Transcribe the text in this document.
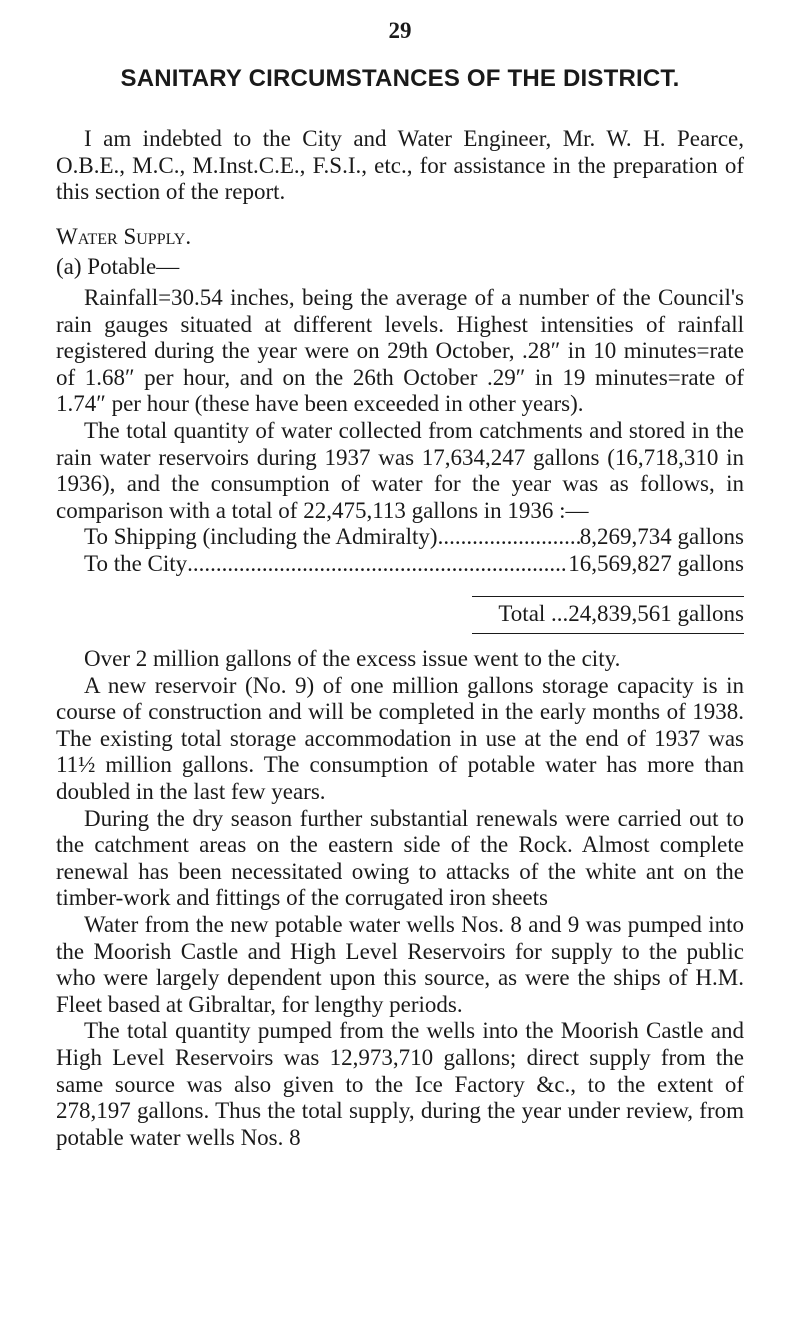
29
SANITARY CIRCUMSTANCES OF THE DISTRICT.

I am indebted to the City and Water Engineer, Mr. W. H. Pearce, O.B.E., M.C., M.Inst.C.E., F.S.I., etc., for assistance in the preparation of this section of the report.

Water Supply.
(a) Potable—

Rainfall=30.54 inches, being the average of a number of the Council's rain gauges situated at different levels. Highest intensities of rainfall registered during the year were on 29th October, .28″ in 10 minutes=rate of 1.68″ per hour, and on the 26th October .29″ in 19 minutes=rate of 1.74″ per hour (these have been exceeded in other years).

The total quantity of water collected from catchments and stored in the rain water reservoirs during 1937 was 17,634,247 gallons (16,718,310 in 1936), and the consumption of water for the year was as follows, in comparison with a total of 22,475,113 gallons in 1936 :—

To Shipping (including the Admiralty) .....	8,269,734 gallons
To the City .....	16,569,827 gallons
Total ...24,839,561 gallons

Over 2 million gallons of the excess issue went to the city.

A new reservoir (No. 9) of one million gallons storage capacity is in course of construction and will be completed in the early months of 1938. The existing total storage accommodation in use at the end of 1937 was 11½ million gallons. The consumption of potable water has more than doubled in the last few years.

During the dry season further substantial renewals were carried out to the catchment areas on the eastern side of the Rock. Almost complete renewal has been necessitated owing to attacks of the white ant on the timber-work and fittings of the corrugated iron sheets

Water from the new potable water wells Nos. 8 and 9 was pumped into the Moorish Castle and High Level Reservoirs for supply to the public who were largely dependent upon this source, as were the ships of H.M. Fleet based at Gibraltar, for lengthy periods.

The total quantity pumped from the wells into the Moorish Castle and High Level Reservoirs was 12,973,710 gallons; direct supply from the same source was also given to the Ice Factory &c., to the extent of 278,197 gallons. Thus the total supply, during the year under review, from potable water wells Nos. 8
